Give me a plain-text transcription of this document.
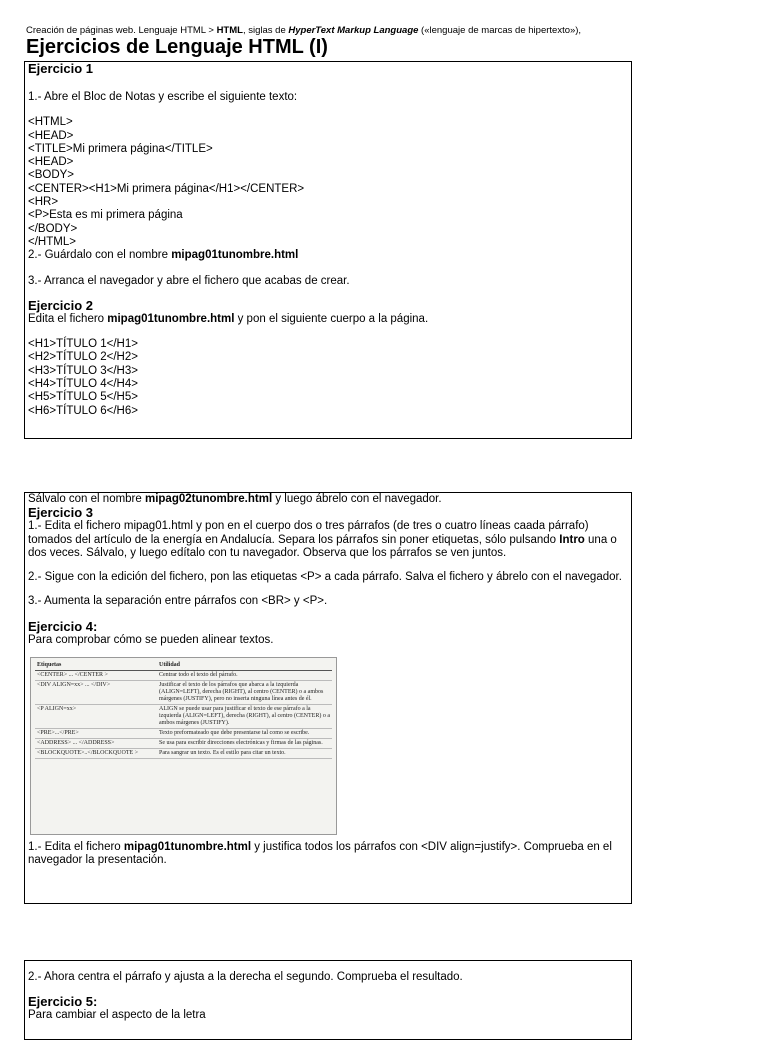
Creación de páginas web. Lenguaje HTML > HTML, siglas de HyperText Markup Language («lenguaje de marcas de hipertexto»),
Ejercicios de Lenguaje HTML (I)

Ejercicio 1

1.- Abre el Bloc de Notas y escribe el siguiente texto:

<HTML>

<HEAD>

<TITLE>Mi primera página</TITLE>

<HEAD>

<BODY>

<CENTER><H1>Mi primera página</H1></CENTER>

<HR>

<P>Esta es mi primera página

</BODY>

</HTML>

2.- Guárdalo con el nombre mipag01tunombre.html

3.- Arranca el navegador y abre el fichero que acabas de crear.

Ejercicio 2

Edita el fichero mipag01tunombre.html y pon el siguiente cuerpo a la página.

<H1>TÍTULO 1</H1>

<H2>TÍTULO 2</H2>

<H3>TÍTULO 3</H3>

<H4>TÍTULO 4</H4>

<H5>TÍTULO 5</H5>

<H6>TÍTULO 6</H6>

Sálvalo con el nombre mipag02tunombre.html y luego ábrelo con el navegador.

Ejercicio 3

1.- Edita el fichero mipag01.html y pon en el cuerpo dos o tres párrafos (de tres o cuatro líneas caada párrafo) tomados del artículo de la energía en Andalucía. Separa los párrafos sin poner etiquetas, sólo pulsando Intro una o dos veces. Sálvalo, y luego edítalo con tu navegador. Observa que los párrafos se ven juntos.

2.- Sigue con la edición del fichero, pon las etiquetas <P> a cada párrafo. Salva el fichero y ábrelo con el navegador.

3.- Aumenta la separación entre párrafos con <BR> y <P>.

Ejercicio 4:

Para comprobar cómo se pueden alinear textos.

Etiquetas	Utilidad
<CENTER> ... </CENTER >	Centrar todo el texto del párrafo.
<DIV ALIGN=xx> ... </DIV>	Justificar el texto de los párrafos que abarca a la izquierda (ALIGN=LEFT), derecha (RIGHT), al centro (CENTER) o a ambos márgenes (JUSTIFY), pero no inserta ninguna línea antes de él.
<P ALIGN=xx>	ALIGN se puede usar para justificar el texto de ese párrafo a la izquierda (ALIGN=LEFT), derecha (RIGHT), al centro (CENTER) o a ambos márgenes (JUSTIFY).
<PRE>...</PRE>	Texto preformateado que debe presentarse tal como se escribe.
<ADDRESS> ... </ADDRESS>	Se usa para escribir direcciones electrónicas y firmas de las páginas.
<BLOCKQUOTE>..</BLOCKQUOTE >	Para sangrar un texto. Es el estilo para citar un texto.

1.- Edita el fichero mipag01tunombre.html y justifica todos los párrafos con <DIV align=justify>. Comprueba en el navegador la presentación.

2.- Ahora centra el párrafo y ajusta a la derecha el segundo. Comprueba el resultado.

Ejercicio 5:

Para cambiar el aspecto de la letra
